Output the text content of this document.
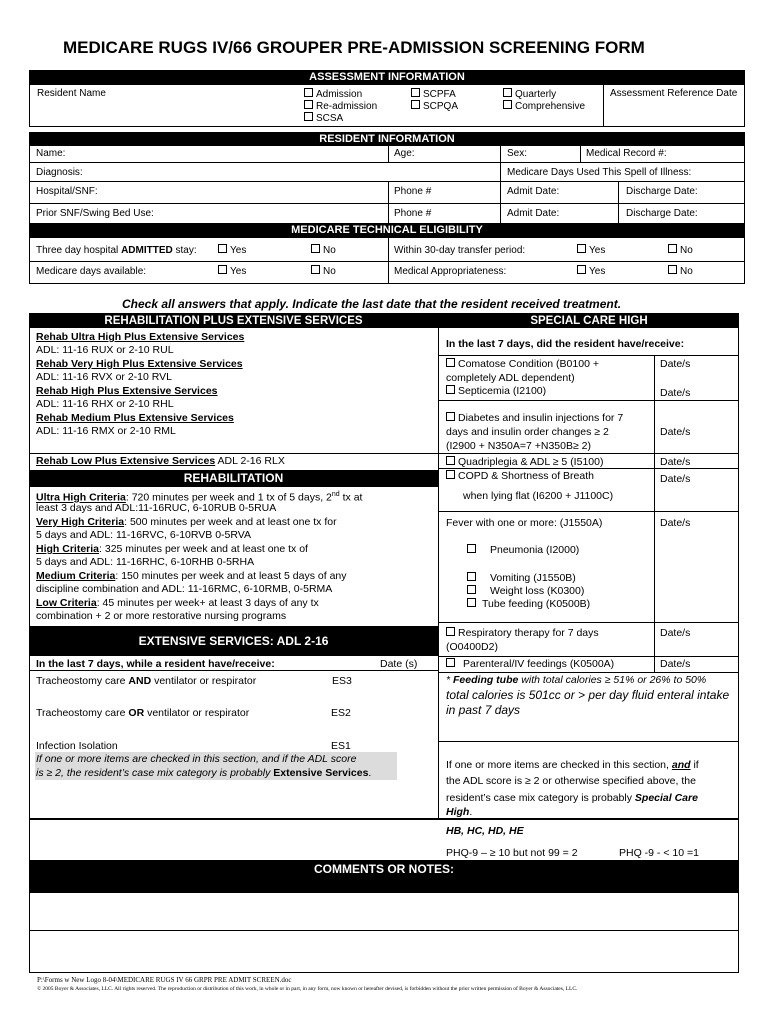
MEDICARE RUGS IV/66 GROUPER PRE-ADMISSION SCREENING FORM
ASSESSMENT INFORMATION
Resident Name	Admission
Re-admission
SCSA
SCPFA
SCPQA
Quarterly
Comprehensive
Assessment Reference Date
RESIDENT INFORMATION
Name:	Age:	Sex:	Medical Record #:
Diagnosis:	Medicare Days Used This Spell of Illness:
Hospital/SNF:	Phone #	Admit Date:	Discharge Date:
Prior SNF/Swing Bed Use:	Phone #	Admit Date:	Discharge Date:
MEDICARE TECHNICAL ELIGIBILITY
Three day hospital ADMITTED stay:	Yes	No	Within 30-day transfer period:	Yes	No
Medicare days available:	Yes	No	Medical Appropriateness:	Yes	No
Check all answers that apply. Indicate the last date that the resident received treatment.
REHABILITATION PLUS EXTENSIVE SERVICES
Rehab Ultra High Plus Extensive Services
ADL: 11-16 RUX or 2-10 RUL
Rehab Very High Plus Extensive Services
ADL: 11-16 RVX or 2-10 RVL
Rehab High Plus Extensive Services
ADL: 11-16 RHX or 2-10 RHL
Rehab Medium Plus Extensive Services
ADL: 11-16 RMX or 2-10 RML
Rehab Low Plus Extensive Services ADL 2-16 RLX
REHABILITATION
Ultra High Criteria: 720 minutes per week and 1 tx of 5 days, 2nd tx at
least 3 days and ADL:11-16RUC, 6-10RUB 0-5RUA
Very High Criteria: 500 minutes per week and at least one tx for
5 days and ADL: 11-16RVC, 6-10RVB 0-5RVA
High Criteria: 325 minutes per week and at least one tx of
5 days and ADL: 11-16RHC, 6-10RHB 0-5RHA
Medium Criteria: 150 minutes per week and at least 5 days of any
discipline combination and ADL: 11-16RMC, 6-10RMB, 0-5RMA
Low Criteria: 45 minutes per week+ at least 3 days of any tx
combination + 2 or more restorative nursing programs
EXTENSIVE SERVICES: ADL 2-16
In the last 7 days, while a resident have/receive:	Date (s)
Tracheostomy care AND ventilator or respirator	ES3
Tracheostomy care OR ventilator or respirator	ES2
Infection Isolation	ES1
If one or more items are checked in this section, and if the ADL score
is ≥ 2, the resident’s case mix category is probably Extensive Services.
SPECIAL CARE HIGH
In the last 7 days, did the resident have/receive:
Comatose Condition (B0100 +
completely ADL dependent)
Date/s
Septicemia (I2100)	Date/s
Diabetes and insulin injections for 7
days and insulin order changes ≥ 2
(I2900 + N350A=7 +N350B≥ 2)
Date/s
Quadriplegia & ADL ≥ 5 (I5100)	Date/s
COPD & Shortness of Breath	Date/s
when lying flat (I6200 + J1100C)
Fever with one or more: (J1550A)	Date/s
Pneumonia (I2000)
Vomiting (J1550B)
Weight loss (K0300)
Tube feeding (K0500B)
Respiratory therapy for 7 days
(O0400D2)
Date/s
Parenteral/IV feedings (K0500A)	Date/s
* Feeding tube with total calories ≥ 51% or 26% to 50%
total calories is 501cc or > per day fluid enteral intake
in past 7 days
If one or more items are checked in this section, and if
the ADL score is ≥ 2 or otherwise specified above, the
resident’s case mix category is probably Special Care
High.
HB, HC, HD, HE
PHQ-9 – ≥ 10 but not 99 = 2	PHQ -9 - < 10 =1
COMMENTS OR NOTES:
P:\Forms w New Logo 8-04\MEDICARE RUGS IV 66 GRPR PRE ADMIT SCREEN.doc
© 2005 Boyer & Associates, LLC. All rights reserved. The reproduction or distribution of this work, in whole or in part, in any form, now known or hereafter devised, is forbidden without the prior written permission of Boyer & Associates, LLC.
